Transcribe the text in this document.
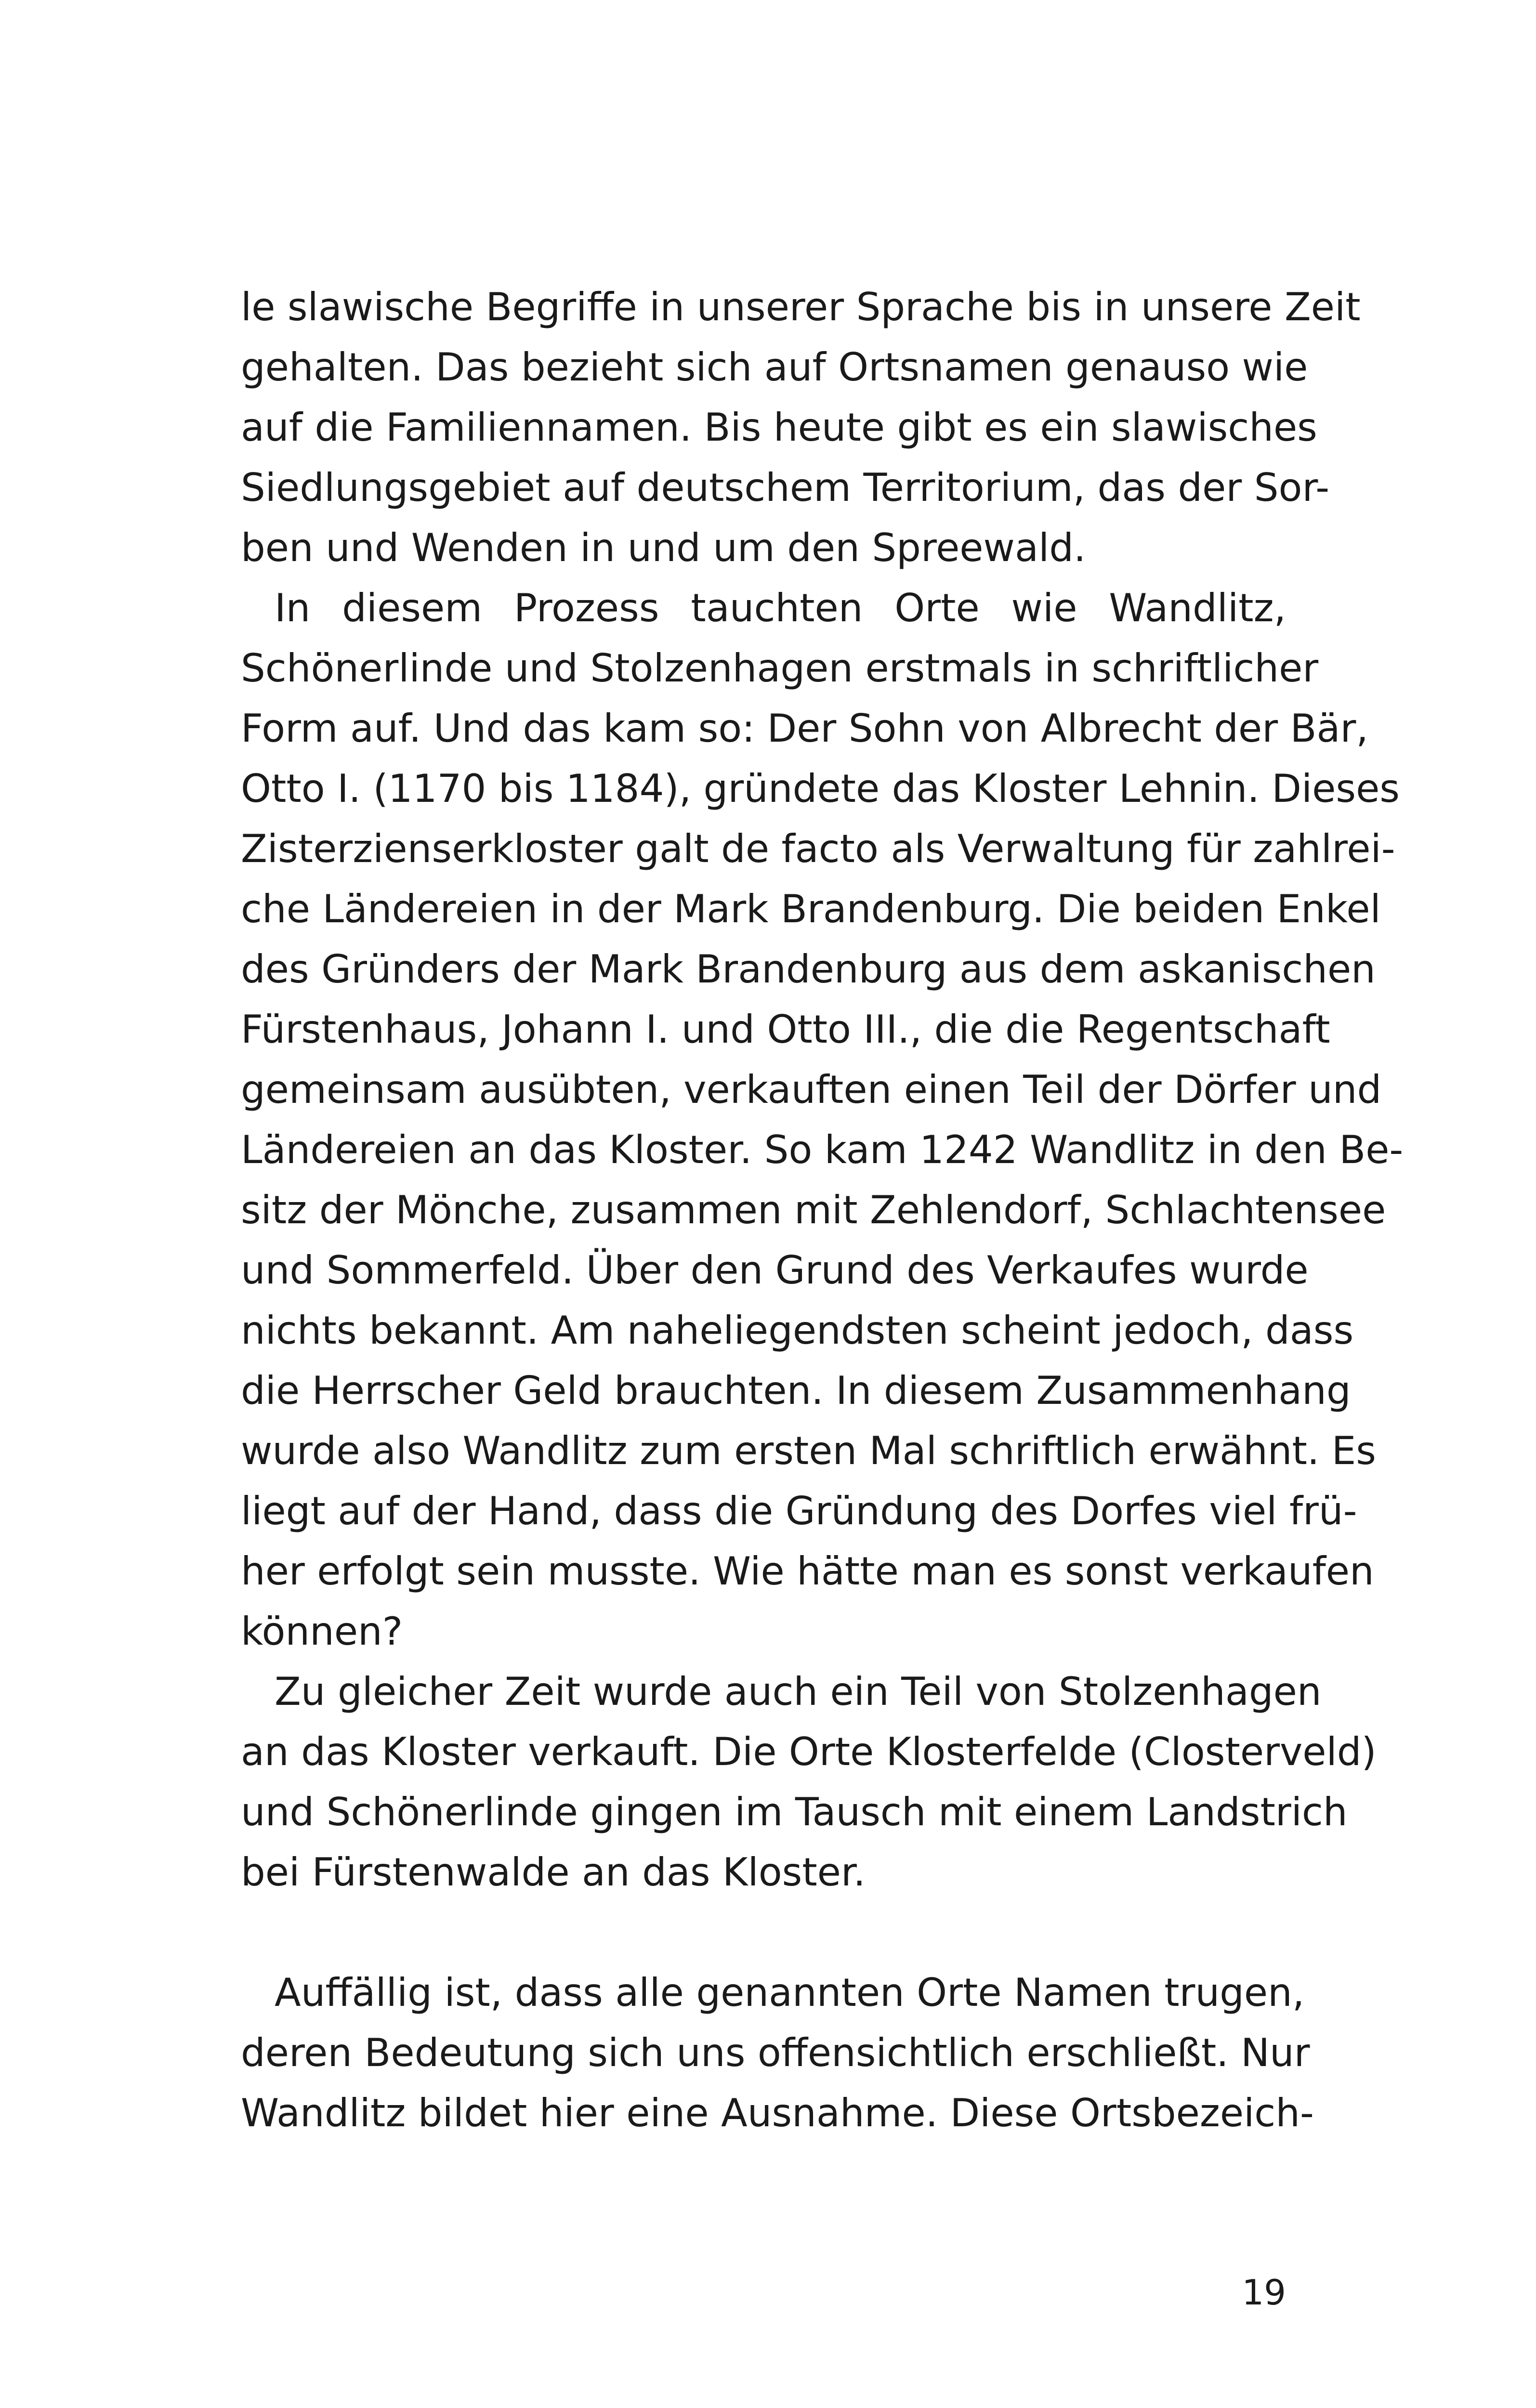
le slawische Begriffe in unserer Sprache bis in unsere Zeit
gehalten. Das bezieht sich auf Ortsnamen genauso wie
auf die Familiennamen. Bis heute gibt es ein slawisches
Siedlungsgebiet auf deutschem Territorium, das der Sor-
ben und Wenden in und um den Spreewald.
In diesem Prozess tauchten Orte wie Wandlitz,
Schönerlinde und Stolzenhagen erstmals in schriftlicher
Form auf. Und das kam so: Der Sohn von Albrecht der Bär,
Otto I. (1170 bis 1184), gründete das Kloster Lehnin. Dieses
Zisterzienserkloster galt de facto als Verwaltung für zahlrei-
che Ländereien in der Mark Brandenburg. Die beiden Enkel
des Gründers der Mark Brandenburg aus dem askanischen
Fürstenhaus, Johann I. und Otto III., die die Regentschaft
gemeinsam ausübten, verkauften einen Teil der Dörfer und
Ländereien an das Kloster. So kam 1242 Wandlitz in den Be-
sitz der Mönche, zusammen mit Zehlendorf, Schlachtensee
und Sommerfeld. Über den Grund des Verkaufes wurde
nichts bekannt. Am naheliegendsten scheint jedoch, dass
die Herrscher Geld brauchten. In diesem Zusammenhang
wurde also Wandlitz zum ersten Mal schriftlich erwähnt. Es
liegt auf der Hand, dass die Gründung des Dorfes viel frü-
her erfolgt sein musste. Wie hätte man es sonst verkaufen
können?
Zu gleicher Zeit wurde auch ein Teil von Stolzenhagen
an das Kloster verkauft. Die Orte Klosterfelde (Closterveld)
und Schönerlinde gingen im Tausch mit einem Landstrich
bei Fürstenwalde an das Kloster.
Auffällig ist, dass alle genannten Orte Namen trugen,
deren Bedeutung sich uns offensichtlich erschließt. Nur
Wandlitz bildet hier eine Ausnahme. Diese Ortsbezeich-
19
